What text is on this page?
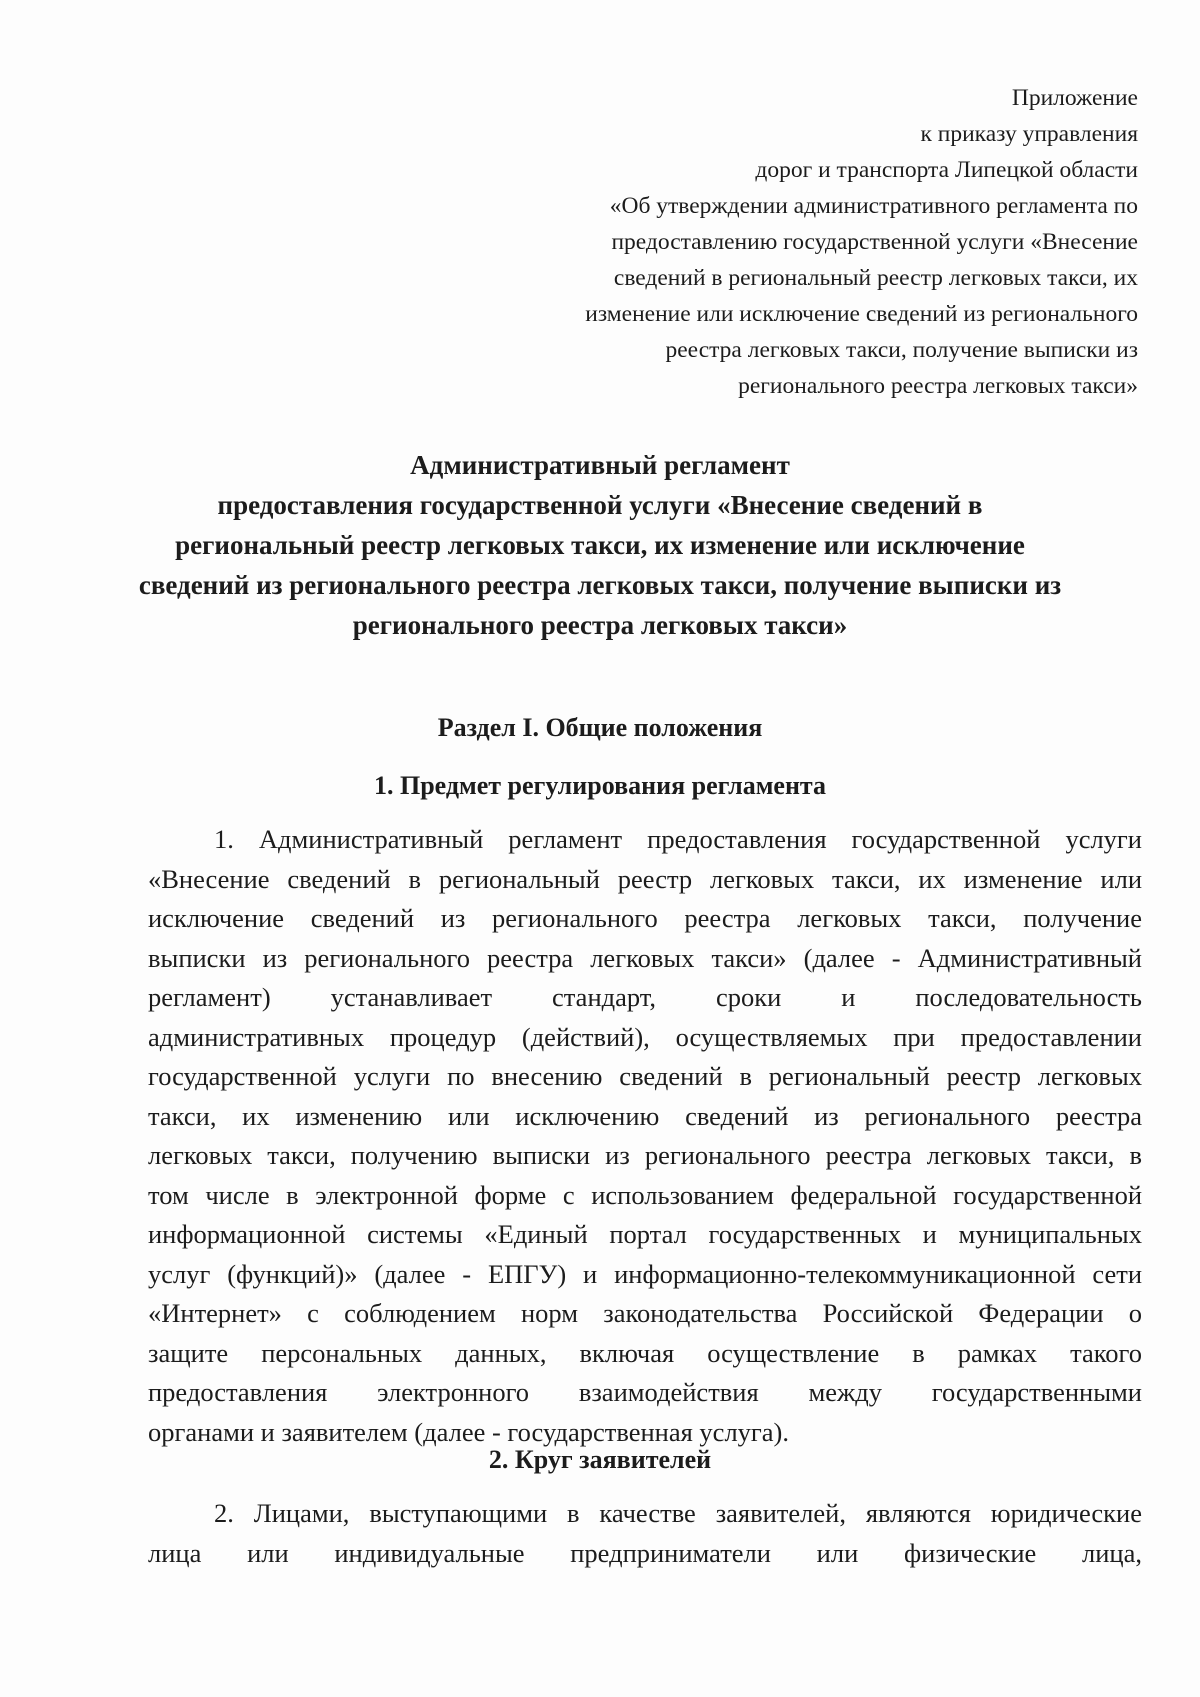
Приложение
к приказу управления
дорог и транспорта Липецкой области
«Об утверждении административного регламента по
предоставлению государственной услуги «Внесение
сведений в региональный реестр легковых такси, их
изменение или исключение сведений из регионального
реестра легковых такси, получение выписки из
регионального реестра легковых такси»
Административный регламент
предоставления государственной услуги «Внесение сведений в
региональный реестр легковых такси, их изменение или исключение
сведений из регионального реестра легковых такси, получение выписки из
регионального реестра легковых такси»
Раздел I. Общие положения
1. Предмет регулирования регламента
1. Административный регламент предоставления государственной услуги
«Внесение сведений в региональный реестр легковых такси, их изменение или
исключение сведений из регионального реестра легковых такси, получение
выписки из регионального реестра легковых такси» (далее - Административный
регламент) устанавливает стандарт, сроки и последовательность
административных процедур (действий), осуществляемых при предоставлении
государственной услуги по внесению сведений в региональный реестр легковых
такси, их изменению или исключению сведений из регионального реестра
легковых такси, получению выписки из регионального реестра легковых такси, в
том числе в электронной форме с использованием федеральной государственной
информационной системы «Единый портал государственных и муниципальных
услуг (функций)» (далее - ЕПГУ) и информационно-телекоммуникационной сети
«Интернет» с соблюдением норм законодательства Российской Федерации о
защите персональных данных, включая осуществление в рамках такого
предоставления электронного взаимодействия между государственными
органами и заявителем (далее - государственная услуга).
2. Круг заявителей
2. Лицами, выступающими в качестве заявителей, являются юридические
лица или индивидуальные предприниматели или физические лица,
